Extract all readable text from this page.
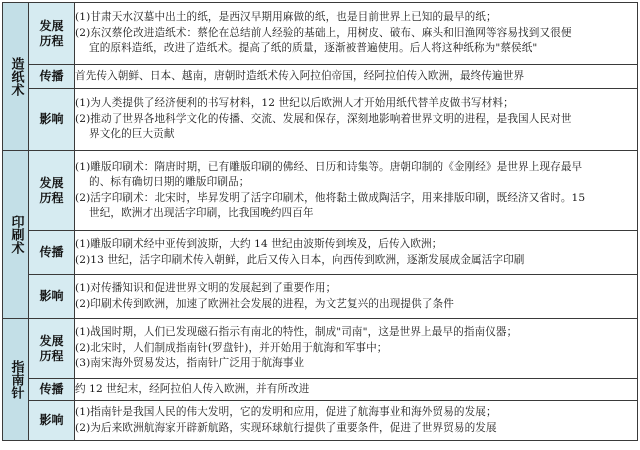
造纸术	发展历程	(1)甘肃天水汉墓中出土的纸，是西汉早期用麻做的纸，也是目前世界上已知的最早的纸；
(2)东汉蔡伦改进造纸术：蔡伦在总结前人经验的基础上，用树皮、破布、麻头和旧渔网等容易找到又很便
宜的原料造纸，改进了造纸术。提高了纸的质量，逐渐被普遍使用。后人将这种纸称为"蔡侯纸"

	传播	首先传入朝鲜、日本、越南，唐朝时造纸术传入阿拉伯帝国，经阿拉伯传入欧洲，最终传遍世界

	影响	(1)为人类提供了经济便利的书写材料，12 世纪以后欧洲人才开始用纸代替羊皮做书写材料；
(2)推动了世界各地科学文化的传播、交流、发展和保存，深刻地影响着世界文明的进程，是我国人民对世
界文化的巨大贡献

印刷术	发展历程	(1)雕版印刷术：隋唐时期，已有雕版印刷的佛经、日历和诗集等。唐朝印制的《金刚经》是世界上现存最早
的、标有确切日期的雕版印刷品；
(2)活字印刷术：北宋时，毕昇发明了活字印刷术，他将黏土做成陶活字，用来排版印刷，既经济又省时。15
世纪，欧洲才出现活字印刷，比我国晚约四百年

	传播	(1)雕版印刷术经中亚传到波斯，大约 14 世纪由波斯传到埃及，后传入欧洲；
(2)13 世纪，活字印刷术传入朝鲜，此后又传入日本，向西传到欧洲，逐渐发展成金属活字印刷

	影响	(1)对传播知识和促进世界文明的发展起到了重要作用；
(2)印刷术传到欧洲，加速了欧洲社会发展的进程，为文艺复兴的出现提供了条件

指南针	发展历程	(1)战国时期，人们已发现磁石指示有南北的特性，制成"司南"，这是世界上最早的指南仪器；
(2)北宋时，人们制成指南针(罗盘针)，并开始用于航海和军事中；
(3)南宋海外贸易发达，指南针广泛用于航海事业

	传播	约 12 世纪末，经阿拉伯人传入欧洲，并有所改进

	影响	(1)指南针是我国人民的伟大发明，它的发明和应用，促进了航海事业和海外贸易的发展；
(2)为后来欧洲航海家开辟新航路，实现环球航行提供了重要条件，促进了世界贸易的发展
